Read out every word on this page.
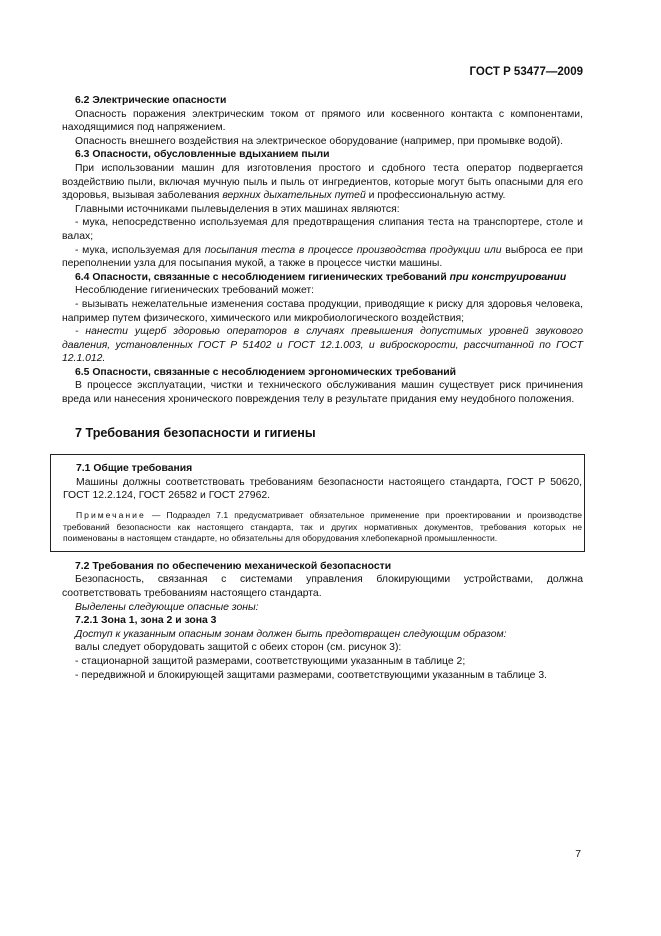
ГОСТ Р 53477—2009

6.2 Электрические опасности

Опасность поражения электрическим током от прямого или косвенного контакта с компонентами, находящимися под напряжением.

Опасность внешнего воздействия на электрическое оборудование (например, при промывке водой).

6.3 Опасности, обусловленные вдыханием пыли

При использовании машин для изготовления простого и сдобного теста оператор подвергается воздействию пыли, включая мучную пыль и пыль от ингредиентов, которые могут быть опасными для его здоровья, вызывая заболевания верхних дыхательных путей и профессиональную астму.

Главными источниками пылевыделения в этих машинах являются:

- мука, непосредственно используемая для предотвращения слипания теста на транспортере, столе и валах;

- мука, используемая для посыпания теста в процессе производства продукции или выброса ее при переполнении узла для посыпания мукой, а также в процессе чистки машины.

6.4 Опасности, связанные с несоблюдением гигиенических требований при конструировании

Несоблюдение гигиенических требований может:

- вызывать нежелательные изменения состава продукции, приводящие к риску для здоровья человека, например путем физического, химического или микробиологического воздействия;

- нанести ущерб здоровью операторов в случаях превышения допустимых уровней звукового давления, установленных ГОСТ Р 51402 и ГОСТ 12.1.003, и виброскорости, рассчитанной по ГОСТ 12.1.012.

6.5 Опасности, связанные с несоблюдением эргономических требований

В процессе эксплуатации, чистки и технического обслуживания машин существует риск причинения вреда или нанесения хронического повреждения телу в результате придания ему неудобного положения.

7 Требования безопасности и гигиены

7.1 Общие требования

Машины должны соответствовать требованиям безопасности настоящего стандарта, ГОСТ Р 50620, ГОСТ 12.2.124, ГОСТ 26582 и ГОСТ 27962.

Примечание — Подраздел 7.1 предусматривает обязательное применение при проектировании и производстве требований безопасности как настоящего стандарта, так и других нормативных документов, требования которых не поименованы в настоящем стандарте, но обязательны для оборудования хлебопекарной промышленности.

7.2 Требования по обеспечению механической безопасности

Безопасность, связанная с системами управления блокирующими устройствами, должна соответствовать требованиям настоящего стандарта.

Выделены следующие опасные зоны:

7.2.1 Зона 1, зона 2 и зона 3

Доступ к указанным опасным зонам должен быть предотвращен следующим образом:

валы следует оборудовать защитой с обеих сторон (см. рисунок 3):

- стационарной защитой размерами, соответствующими указанным в таблице 2;

- передвижной и блокирующей защитами размерами, соответствующими указанным в таблице 3.

7
